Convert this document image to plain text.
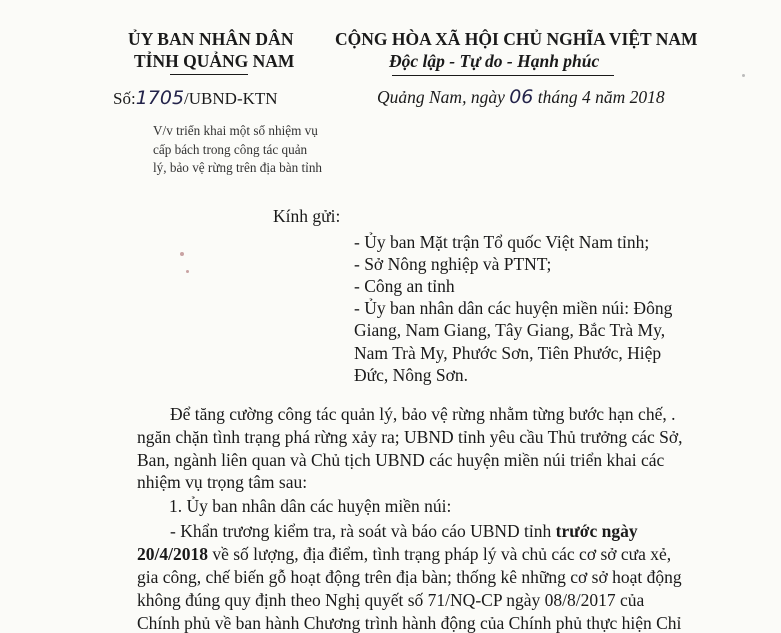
ỦY BAN NHÂN DÂN
TỈNH QUẢNG NAM
CỘNG HÒA XÃ HỘI CHỦ NGHĨA VIỆT NAM
Độc lập - Tự do - Hạnh phúc
Số:1705/UBND-KTN	Quảng Nam, ngày 06 tháng 4 năm 2018
V/v triển khai một số nhiệm vụ cấp bách trong công tác quản lý, bảo vệ rừng trên địa bàn tỉnh
Kính gửi:
- Ủy ban Mặt trận Tổ quốc Việt Nam tỉnh;
- Sở Nông nghiệp và PTNT;
- Công an tỉnh
- Ủy ban nhân dân các huyện miền núi: Đông
Giang, Nam Giang, Tây Giang, Bắc Trà My,
Nam Trà My, Phước Sơn, Tiên Phước, Hiệp
Đức, Nông Sơn.
Để tăng cường công tác quản lý, bảo vệ rừng nhằm từng bước hạn chế, .
ngăn chặn tình trạng phá rừng xảy ra; UBND tỉnh yêu cầu Thủ trưởng các Sở,
Ban, ngành liên quan và Chủ tịch UBND các huyện miền núi triển khai các
nhiệm vụ trọng tâm sau:
1. Ủy ban nhân dân các huyện miền núi:
- Khẩn trương kiểm tra, rà soát và báo cáo UBND tỉnh trước ngày
20/4/2018 về số lượng, địa điểm, tình trạng pháp lý và chủ các cơ sở cưa xẻ,
gia công, chế biến gỗ hoạt động trên địa bàn; thống kê những cơ sở hoạt động
không đúng quy định theo Nghị quyết số 71/NQ-CP ngày 08/8/2017 của
Chính phủ về ban hành Chương trình hành động của Chính phủ thực hiện Chỉ
